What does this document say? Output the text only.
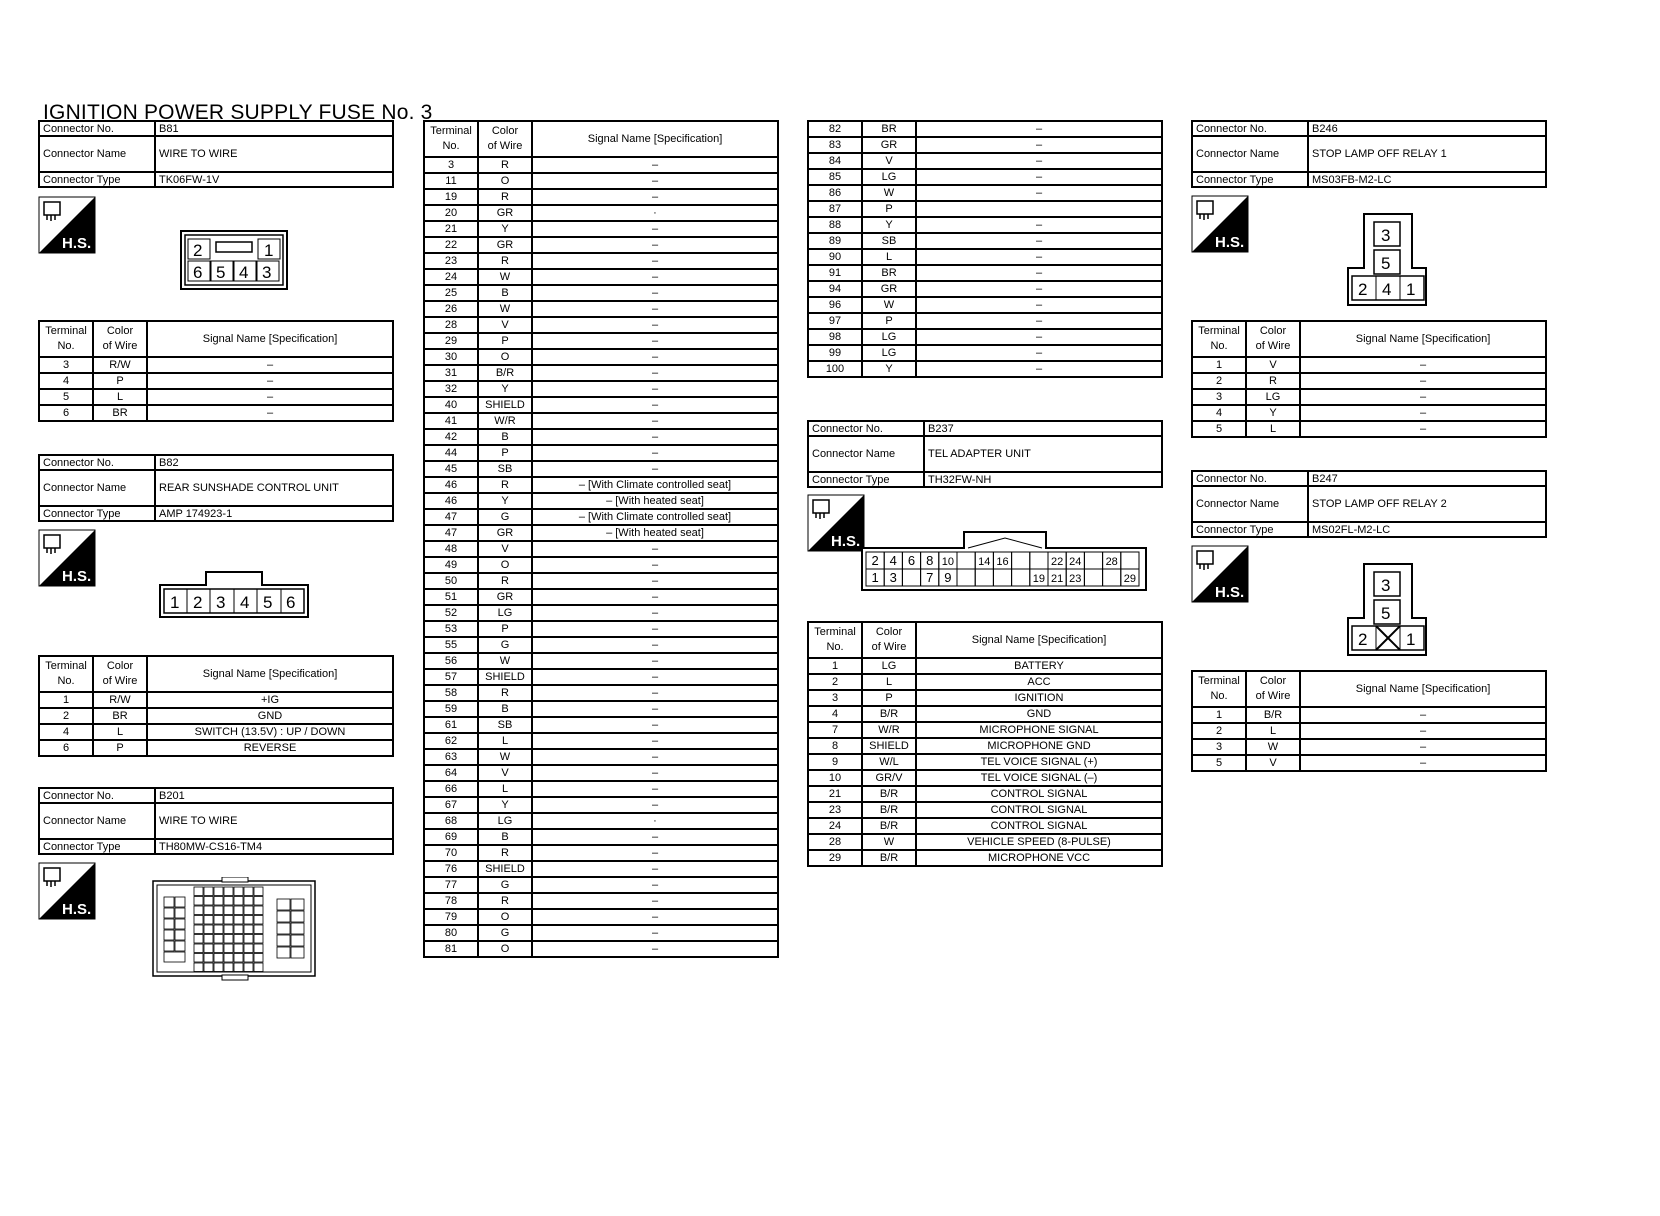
IGNITION POWER SUPPLY FUSE No. 3
Connector No.	B81
Connector Name	WIRE TO WIRE
Connector Type	TK06FW-1V
H.S.	2	1
6 5 4 3
Terminal
No.	Color
of Wire	Signal Name [Specification]
3	R/W	–
4	P	–
5	L	–
6	BR	–
Connector No.	B82
Connector Name	REAR SUNSHADE CONTROL UNIT
Connector Type	AMP 174923-1
H.S.
1 2 3 4 5 6
Terminal
No.	Color
of Wire	Signal Name [Specification]
1	R/W	+IG
2	BR	GND
4	L	SWITCH (13.5V) : UP / DOWN
6	P	REVERSE
Connector No.	B201
Connector Name	WIRE TO WIRE
Connector Type	TH80MW-CS16-TM4
H.S.
Terminal
No.	Color
of Wire	Signal Name [Specification]
3	R	–
11	O	–
19	R	–
20	GR	·
21	Y	–
22	GR	–
23	R	–
24	W	–
25	B	–
26	W	–
28	V	–
29	P	–
30	O	–
31	B/R	–
32	Y	–
40	SHIELD	–
41	W/R	–
42	B	–
44	P	–
45	SB	–
46	R	– [With Climate controlled seat]
46	Y	– [With heated seat]
47	G	– [With Climate controlled seat]
47	GR	– [With heated seat]
48	V	–
49	O	–
50	R	–
51	GR	–
52	LG	–
53	P	–
55	G	–
56	W	–
57	SHIELD	–
58	R	–
59	B	–
61	SB	–
62	L	–
63	W	–
64	V	–
66	L	–
67	Y	–
68	LG	·
69	B	–
70	R	–
76	SHIELD	–
77	G	–
78	R	–
79	O	–
80	G	–
81	O	–
82	BR	–
83	GR	–
84	V	–
85	LG	–
86	W	–
87	P	
88	Y	–
89	SB	–
90	L	–
91	BR	–
94	GR	–
96	W	–
97	P	–
98	LG	–
99	LG	–
100	Y	–
Connector No.	B237
Connector Name	TEL ADAPTER UNIT
Connector Type	TH32FW-NH
H.S.
2 4 6 8 10 14 16	22 24 28
1 3 7 9	19 21 23	29
Terminal
No.	Color
of Wire	Signal Name [Specification]
1	LG	BATTERY
2	L	ACC
3	P	IGNITION
4	B/R	GND
7	W/R	MICROPHONE SIGNAL
8	SHIELD	MICROPHONE GND
9	W/L	TEL VOICE SIGNAL (+)
10	GR/V	TEL VOICE SIGNAL (–)
21	B/R	CONTROL SIGNAL
23	B/R	CONTROL SIGNAL
24	B/R	CONTROL SIGNAL
28	W	VEHICLE SPEED (8-PULSE)
29	B/R	MICROPHONE VCC
Connector No.	B246
Connector Name	STOP LAMP OFF RELAY 1
Connector Type	MS03FB-M2-LC
H.S.	3
5
2 4 1
Terminal
No.	Color
of Wire	Signal Name [Specification]
1	V	–
2	R	–
3	LG	–
4	Y	–
5	L	–
Connector No.	B247
Connector Name	STOP LAMP OFF RELAY 2
Connector Type	MS02FL-M2-LC
H.S.	3
5
2 1
Terminal
No.	Color
of Wire	Signal Name [Specification]
1	B/R	–
2	L	–
3	W	–
5	V	–
